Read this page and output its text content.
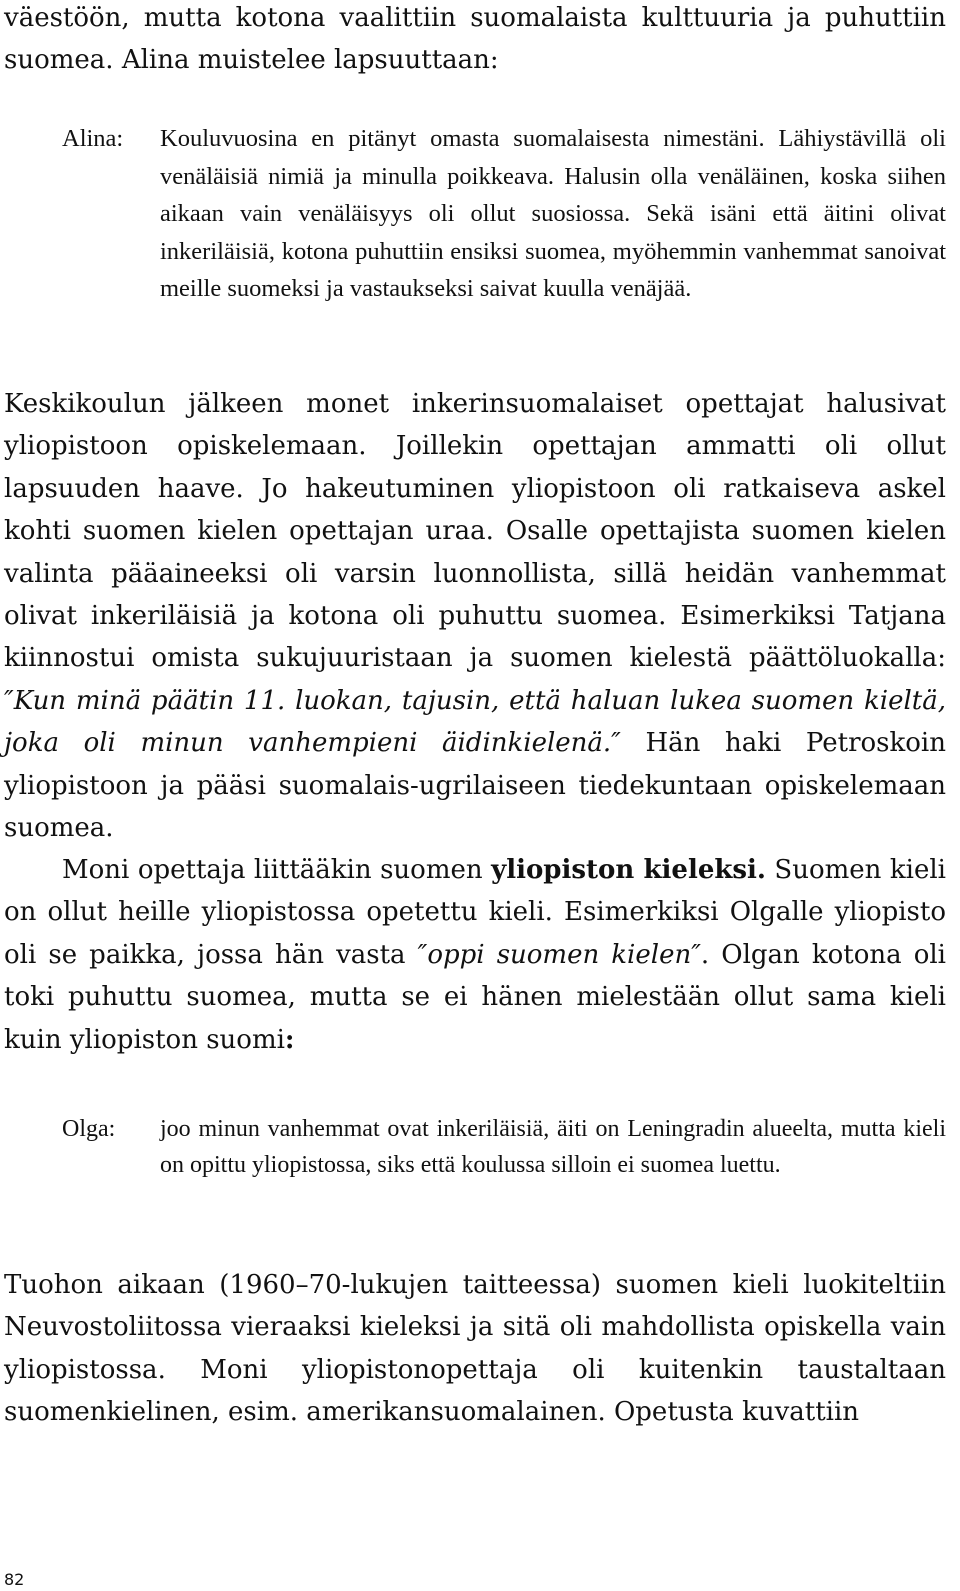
väestöön, mutta kotona vaalittiin suomalaista kulttuuria ja puhuttiin suomea. Alina muistelee lapsuuttaan:

Alina: Kouluvuosina en pitänyt omasta suomalaisesta nimestäni. Lähiystävillä oli venäläisiä nimiä ja minulla poikkeava. Halusin olla venäläinen, koska siihen aikaan vain venäläisyys oli ollut suosiossa. Sekä isäni että äitini olivat inkeriläisiä, kotona puhuttiin ensiksi suomea, myöhemmin vanhemmat sanoivat meille suomeksi ja vastaukseksi saivat kuulla venäjää.

Keskikoulun jälkeen monet inkerinsuomalaiset opettajat halusivat yliopistoon opiskelemaan. Joillekin opettajan ammatti oli ollut lapsuuden haave. Jo hakeutuminen yliopistoon oli ratkaiseva askel kohti suomen kielen opettajan uraa. Osalle opettajista suomen kielen valinta pääaineeksi oli varsin luonnollista, sillä heidän vanhemmat olivat inkeriläisiä ja kotona oli puhuttu suomea. Esimerkiksi Tatjana kiinnostui omista sukujuuristaan ja suomen kielestä päättöluokalla: ″Kun minä päätin 11. luokan, tajusin, että haluan lukea suomen kieltä, joka oli minun vanhempieni äidinkielenä.″ Hän haki Petroskoin yliopistoon ja pääsi suomalais-ugrilaiseen tiedekuntaan opiskelemaan suomea.

Moni opettaja liittääkin suomen yliopiston kieleksi. Suomen kieli on ollut heille yliopistossa opetettu kieli. Esimerkiksi Olgalle yliopisto oli se paikka, jossa hän vasta ″oppi suomen kielen″. Olgan kotona oli toki puhuttu suomea, mutta se ei hänen mielestään ollut sama kieli kuin yliopiston suomi:

Olga: joo minun vanhemmat ovat inkeriläisiä, äiti on Leningradin alueelta, mutta kieli on opittu yliopistossa, siks että koulussa silloin ei suomea luettu.

Tuohon aikaan (1960–70-lukujen taitteessa) suomen kieli luokiteltiin Neuvostoliitossa vieraaksi kieleksi ja sitä oli mahdollista opiskella vain yliopistossa. Moni yliopistonopettaja oli kuitenkin taustaltaan suomenkielinen, esim. amerikansuomalainen. Opetusta kuvattiin

82
